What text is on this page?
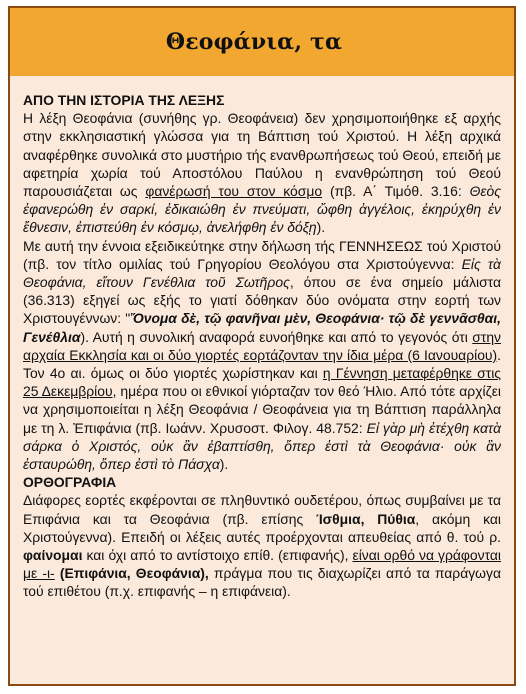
Θεοφάνια, τα
ΑΠΟ ΤΗΝ ΙΣΤΟΡΙΑ ΤΗΣ ΛΕΞΗΣ

Η λέξη Θεοφάνια (συνήθης γρ. Θεοφάνεια) δεν χρησιμοποιήθηκε εξ αρχής στην εκκλησιαστική γλώσσα για τη Βάπτιση τού Χριστού. Η λέξη αρχικά αναφέρθηκε συνολικά στο μυστήριο τής ενανθρωπήσεως τού Θεού, επειδή με αφετηρία χωρία τού Αποστόλου Παύλου η ενανθρώπηση τού Θεού παρουσιάζεται ως φανέρωσή του στον κόσμο (πβ. Α΄ Τιμόθ. 3.16: Θεὸς ἐφανερώθη ἐν σαρκί, ἐδικαιώθη ἐν πνεύματι, ὤφθη ἀγγέλοις, ἐκηρύχθη ἐν ἔθνεσιν, ἐπιστεύθη ἐν κόσμῳ, ἀνελήφθη ἐν δόξῃ).

Με αυτή την έννοια εξειδικεύτηκε στην δήλωση τής ΓΕΝΝΗΣΕΩΣ τού Χριστού (πβ. τον τίτλο ομιλίας τού Γρηγορίου Θεολόγου στα Χριστούγεννα: Εἰς τὰ Θεοφάνια, εἴτουν Γενέθλια τοῦ Σωτῆρος, όπου σε ένα σημείο μάλιστα (36.313) εξηγεί ως εξής το γιατί δόθηκαν δύο ονόματα στην εορτή των Χριστουγέννων: "Ὄνομα δὲ, τῷ φανῆναι μὲν, Θεοφάνια· τῷ δὲ γεννᾶσθαι, Γενέθλια). Αυτή η συνολική αναφορά ευνοήθηκε και από το γεγονός ότι στην αρχαία Εκκλησία και οι δύο γιορτές εορτάζονταν την ίδια μέρα (6 Ιανουαρίου). Τον 4ο αι. όμως οι δύο γιορτές χωρίστηκαν και η Γέννηση μεταφέρθηκε στις 25 Δεκεμβρίου, ημέρα που οι εθνικοί γιόρταζαν τον θεό Ήλιο. Από τότε αρχίζει να χρησιμοποιείται η λέξη Θεοφάνια / Θεοφάνεια για τη Βάπτιση παράλληλα με τη λ. Ἐπιφάνια (πβ. Ιωάνν. Χρυσοστ. Φιλογ. 48.752: Εἰ γὰρ μὴ ἐτέχθη κατὰ σάρκα ὁ Χριστός, οὐκ ἂν ἐβαπτίσθη, ὅπερ ἐστὶ τὰ Θεοφάνια· οὐκ ἂν ἐσταυρώθη, ὅπερ ἐστὶ τὸ Πάσχα).

ΟΡΘΟΓΡΑΦΙΑ

Διάφορες εορτές εκφέρονται σε πληθυντικό ουδετέρου, όπως συμβαίνει με τα Επιφάνια και τα Θεοφάνια (πβ. επίσης Ίσθμια, Πύθια, ακόμη και Χριστούγεννα). Επειδή οι λέξεις αυτές προέρχονται απευθείας από θ. τού ρ. φαίνομαι και όχι από το αντίστοιχο επίθ. (επιφανής), είναι ορθό να γράφονται με -ι- (Επιφάνια, Θεοφάνια), πράγμα που τις διαχωρίζει από τα παράγωγα τού επιθέτου (π.χ. επιφανής – η επιφάνεια).
